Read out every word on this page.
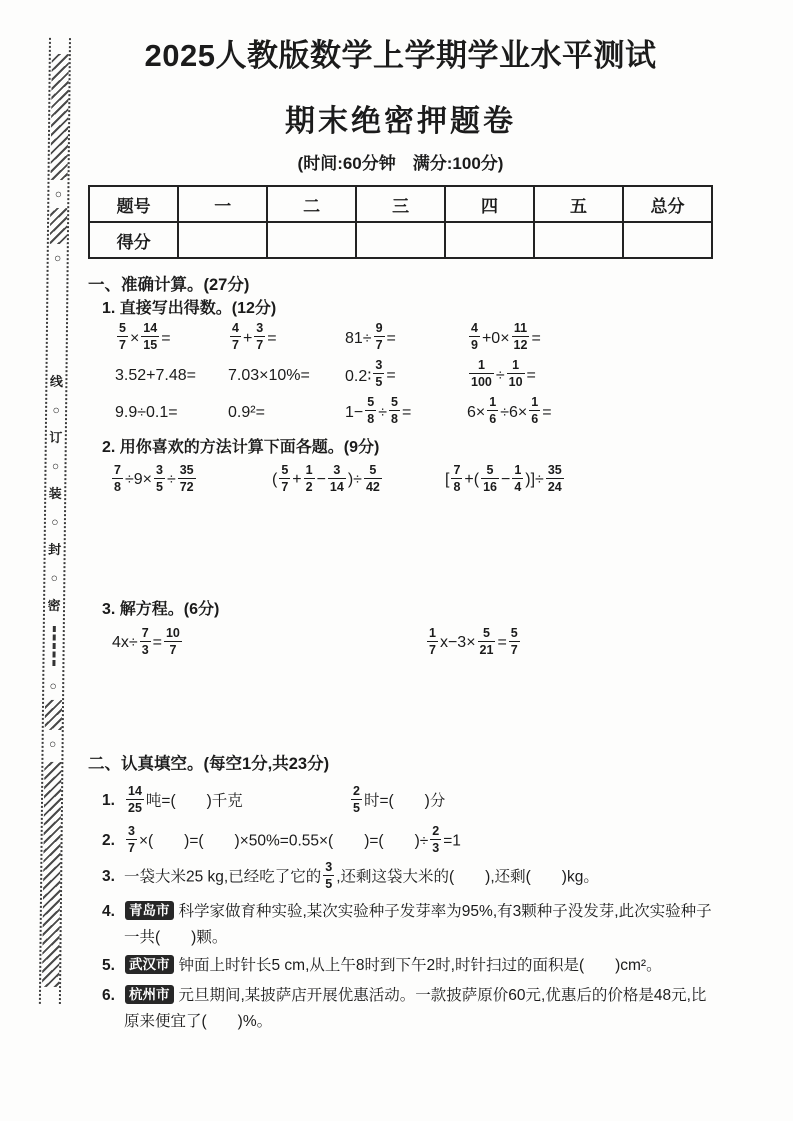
○
○
线
○
订
○
装
○
封
○
密
○
○
2025人教版数学上学期学业水平测试
期末绝密押题卷
(时间:60分钟　满分:100分)
题号	一	二	三	四	五	总分
得分						
一、准确计算。(27分)
1. 直接写出得数。(12分)
$\frac{5}{7} \times \frac{14}{15}$ =	$\frac{4}{7} + \frac{3}{7}$ =	$81\div \frac{9}{7}$ =	$\frac{4}{9} +0\times \frac{11}{12}$ =
3.52+7.48=	7.03×10%=	0.2∶ $\frac{3}{5}$ =	$\frac{1}{100} \div \frac{1}{10}$ =
9.9÷0.1=	0.9²=	$1- \frac{5}{8} \div \frac{5}{8}$ =	$6\times \frac{1}{6} \div 6\times \frac{1}{6}$ =
2. 用你喜欢的方法计算下面各题。(9分)
$\frac{7}{8} \div 9\times \frac{3}{5} \div \frac{35}{72}$	( $\frac{5}{7} + \frac{1}{2} - \frac{3}{14}$ )÷ $\frac{5}{42}$	[ $\frac{7}{8}$ +( $\frac{5}{16} - \frac{1}{4}$ )]÷ $\frac{35}{24}$
3. 解方程。(6分)
$4x\div \frac{7}{3} = \frac{10}{7}$	$\frac{1}{7} x-3\times \frac{5}{21} = \frac{5}{7}$
二、认真填空。(每空1分,共23分)
1. $\frac{14}{25}$ 吨=(　　)千克	$\frac{2}{5}$ 时=(　　)分
2. $\frac{3}{7}$ ×(　　)=(　　)×50%=0.55×(　　)=(　　)÷ $\frac{2}{3} =1$
3. 一袋大米25 kg,已经吃了它的 $\frac{3}{5}$ ,还剩这袋大米的(　　),还剩(　　)kg。
4.	青岛市 科学家做育种实验,某次实验种子发芽率为95%,有3颗种子没发芽,此次实验种子一共(　　)颗。
5.	武汉市 钟面上时针长5 cm,从上午8时到下午2时,时针扫过的面积是(　　)cm²。
6.	杭州市 元旦期间,某披萨店开展优惠活动。一款披萨原价60元,优惠后的价格是48元,比原来便宜了(　　)%。
